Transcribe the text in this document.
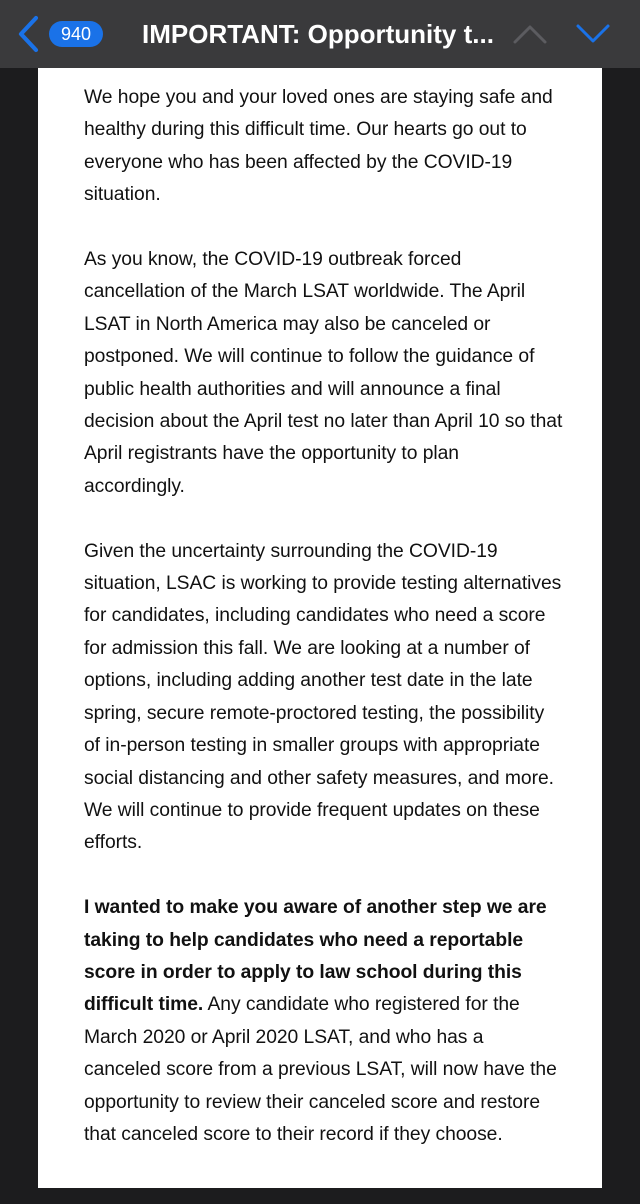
940	IMPORTANT: Opportunity t...

We hope you and your loved ones are staying safe and healthy during this difficult time. Our hearts go out to everyone who has been affected by the COVID-19 situation.

As you know, the COVID-19 outbreak forced cancellation of the March LSAT worldwide. The April LSAT in North America may also be canceled or postponed. We will continue to follow the guidance of public health authorities and will announce a final decision about the April test no later than April 10 so that April registrants have the opportunity to plan accordingly.

Given the uncertainty surrounding the COVID-19 situation, LSAC is working to provide testing alternatives for candidates, including candidates who need a score for admission this fall. We are looking at a number of options, including adding another test date in the late spring, secure remote-proctored testing, the possibility of in-person testing in smaller groups with appropriate social distancing and other safety measures, and more. We will continue to provide frequent updates on these efforts.

I wanted to make you aware of another step we are taking to help candidates who need a reportable score in order to apply to law school during this difficult time. Any candidate who registered for the March 2020 or April 2020 LSAT, and who has a canceled score from a previous LSAT, will now have the opportunity to review their canceled score and restore that canceled score to their record if they choose.
